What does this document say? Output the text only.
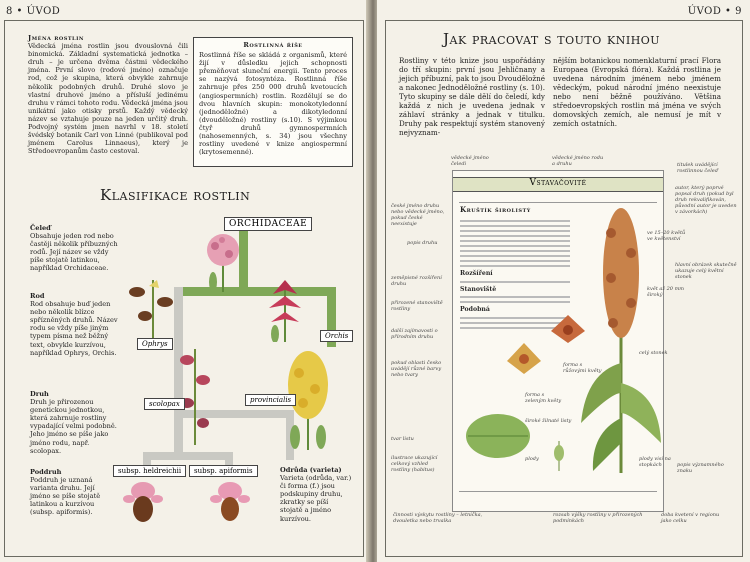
8 • ÚVOD
Jména rostlin
Vědecká jména rostlin jsou dvouslovná čili binomická. Základní systematická jednotka – druh – je určena dvěma částmi vědeckého jména. První slovo (rodové jméno) označuje rod, což je skupina, která obvykle zahrnuje několik podobných druhů. Druhé slovo je vlastní druhové jméno a přísluší jedinému druhu v rámci tohoto rodu. Vědecká jména jsou unikátní jako otisky prstů. Každý vědecký název se vztahuje pouze na jeden určitý druh. Podvojný systém jmen navrhl v 18. století švédský botanik Carl von Linné (publikoval pod jménem Carolus Linnaeus), který je Středoevropanům často cestoval.
Rostlinná říše
Rostlinná říše se skládá z organismů, které žijí v důsledku jejich schopnosti přeměňovat sluneční energii. Tento proces se nazývá fotosyntéza. Rostlinná říše zahrnuje přes 250 000 druhů kvetoucích (angiospermních) rostlin. Rozdělují se do dvou hlavních skupin: monokotyledonní (jednoděložné) a dikotyledonní (dvouděložné) rostliny (s.10). S výjimkou čtyř druhů gymnospermních (nahosemenných, s. 34) jsou všechny rostliny uvedené v knize angiospermní (krytosemenné).
Klasifikace rostlin
ORCHIDACEAE
Ophrys
Orchis
scolopax	provincialis
subsp. heldreichii	subsp. apiformis
Čeleď
Obsahuje jeden rod nebo častěji několik příbuzných rodů. Její název se vždy píše stojatě latinkou, například Orchidaceae.
Rod
Rod obsahuje buď jeden nebo několik blízce spřízněných druhů. Název rodu se vždy píše jiným typem písma než běžný text, obvykle kurzívou, například Ophrys, Orchis.
Druh
Druh je přirozenou genetickou jednotkou, která zahrnuje rostliny vypadající velmi podobně. Jeho jméno se píše jako jméno rodu, např. scolopax.
Poddruh
Poddruh je uznaná varianta druhu. Její jméno se píše stojatě latinkou a kurzívou (subsp. apiformis).
Odrůda (varieta)
Varieta (odrůda, var.) či forma (f.) jsou podskupiny druhu, zkratky se píší stojatě a jméno kurzívou.
ÚVOD • 9
Jak pracovat s touto knihou
Rostliny v této knize jsou uspořádány do tří skupin: první jsou Jehličnany a jejich příbuzní, pak to jsou Dvouděložné a nakonec Jednoděložné rostliny (s. 10). Tyto skupiny se dále dělí do čeledí, kdy každá z nich je uvedena jednak v záhlaví stránky a jednak v titulku. Druhy pak respektují systém stanovený nejvyznam-
nějším botanickou nomenklaturní prací Flora Europaea (Evropská flóra). Každá rostlina je uvedena národním jménem nebo jménem vědeckým, pokud národní jméno neexistuje nebo není běžně používáno. Většina středoevropských rostlin má jména ve svých domovských zemích, ale nemusí je mít v zemích ostatních.
Vstavačovité
Kruštík širolistý
Rozšíření
Stanoviště
Podobná
vědecké jméno čeledi
vědecké jméno rodu a druhu	titulek uvádějící rostlinnou čeleď
české jméno druhu nebo vědecké jméno, pokud české neexistuje
popis druhu
zeměpisné rozšíření druhu
přirozené stanoviště rostliny
další zajímavosti o přírodním druhu
pokud oblasti česko uvádějí různé barvy nebo tvary
tvar listu
ilustrace ukazující celkový vzhled rostliny (habitus)
autor, který poprvé popsal druh (pokud byl druh rekvalifikován, původní autor je uveden v závorkách)
ve 15–20 květů ve květenství
květ až 20 mm široký
hlavní obrázek skutečně ukazuje celý květní stonek
celý stonek
forma s růžovými květy
forma s zeleným květy
široké žilnaté listy
plody
popis významného znaku
plody visí na stopkách
činnosti výskytu rostliny – letnička, dvouletka nebo trvalka
rozsah výšky rostliny v přirozených podmínkách
doba kvetení v regionu jako celku
